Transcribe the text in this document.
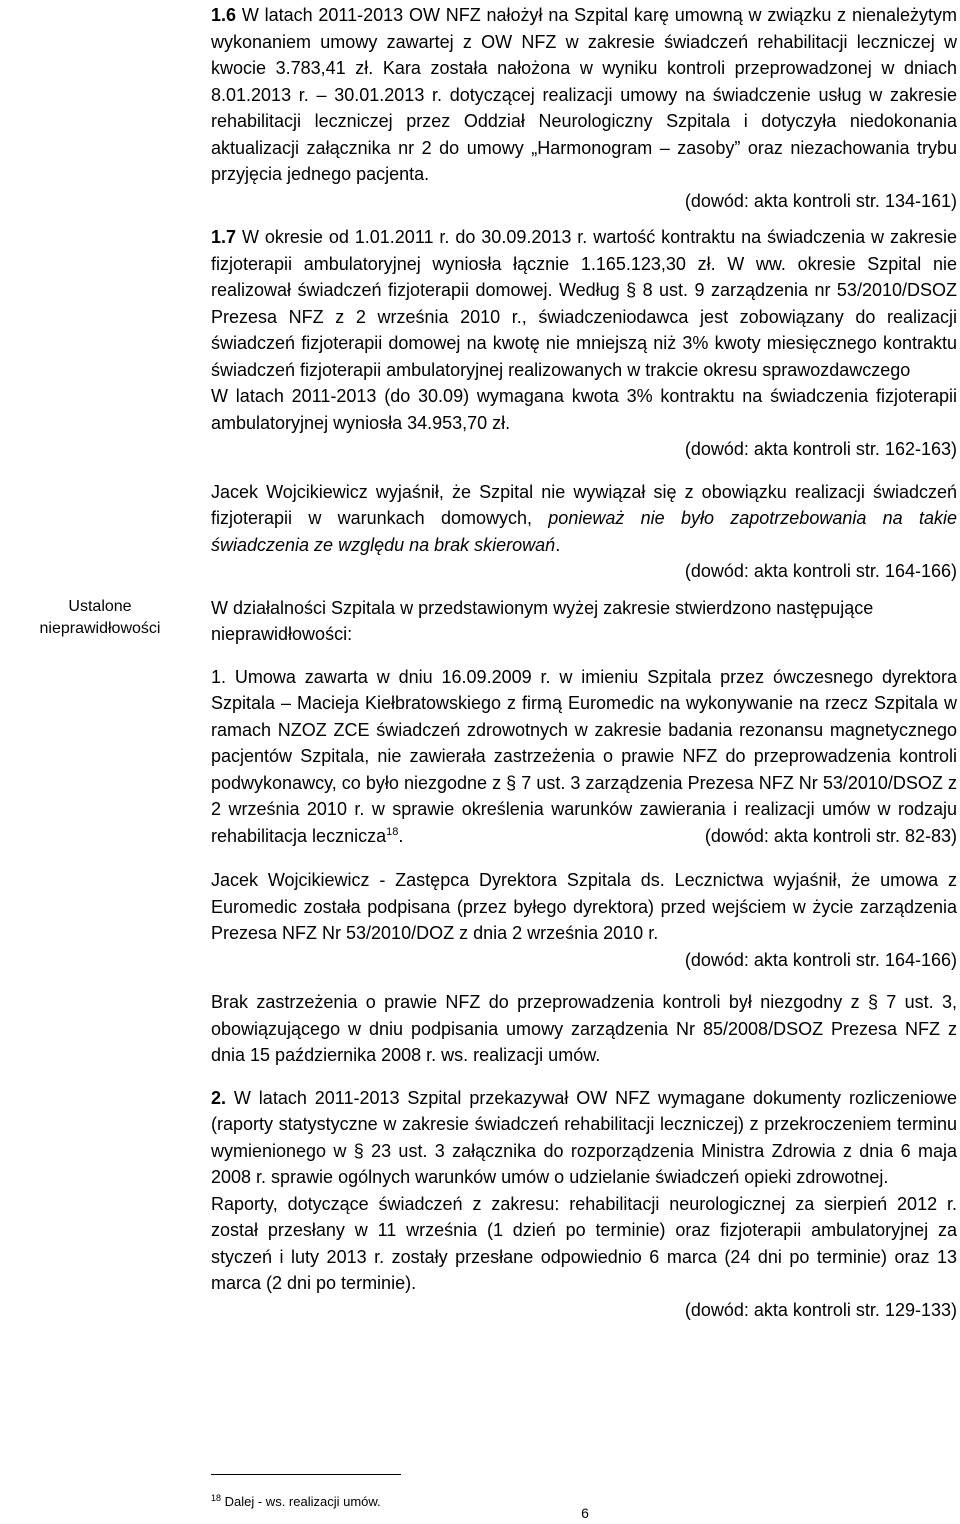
Ustalone
nieprawidłowości

1.6 W latach 2011-2013 OW NFZ nałożył na Szpital karę umowną w związku z nienależytym wykonaniem umowy zawartej z OW NFZ w zakresie świadczeń rehabilitacji leczniczej w kwocie 3.783,41 zł. Kara została nałożona w wyniku kontroli przeprowadzonej w dniach 8.01.2013 r. – 30.01.2013 r. dotyczącej realizacji umowy na świadczenie usług w zakresie rehabilitacji leczniczej przez Oddział Neurologiczny Szpitala i dotyczyła niedokonania aktualizacji załącznika nr 2 do umowy „Harmonogram – zasoby” oraz niezachowania trybu przyjęcia jednego pacjenta.

(dowód: akta kontroli str. 134-161)

1.7 W okresie od 1.01.2011 r. do 30.09.2013 r. wartość kontraktu na świadczenia w zakresie fizjoterapii ambulatoryjnej wyniosła łącznie 1.165.123,30 zł. W ww. okresie Szpital nie realizował świadczeń fizjoterapii domowej. Według § 8 ust. 9 zarządzenia nr 53/2010/DSOZ Prezesa NFZ z 2 września 2010 r., świadczeniodawca jest zobowiązany do realizacji świadczeń fizjoterapii domowej na kwotę nie mniejszą niż 3% kwoty miesięcznego kontraktu świadczeń fizjoterapii ambulatoryjnej realizowanych w trakcie okresu sprawozdawczego

W latach 2011-2013 (do 30.09) wymagana kwota 3% kontraktu na świadczenia fizjoterapii ambulatoryjnej wyniosła 34.953,70 zł.

(dowód: akta kontroli str. 162-163)

Jacek Wojcikiewicz wyjaśnił, że Szpital nie wywiązał się z obowiązku realizacji świadczeń fizjoterapii w warunkach domowych, ponieważ nie było zapotrzebowania na takie świadczenia ze względu na brak skierowań.

(dowód: akta kontroli str. 164-166)

W działalności Szpitala w przedstawionym wyżej zakresie stwierdzono następujące nieprawidłowości:

1. Umowa zawarta w dniu 16.09.2009 r. w imieniu Szpitala przez ówczesnego dyrektora Szpitala – Macieja Kiełbratowskiego z firmą Euromedic na wykonywanie na rzecz Szpitala w ramach NZOZ ZCE świadczeń zdrowotnych w zakresie badania rezonansu magnetycznego pacjentów Szpitala, nie zawierała zastrzeżenia o prawie NFZ do przeprowadzenia kontroli podwykonawcy, co było niezgodne z § 7 ust. 3 zarządzenia Prezesa NFZ Nr 53/2010/DSOZ z 2 września 2010 r. w sprawie określenia warunków zawierania i realizacji umów w rodzaju rehabilitacja lecznicza$^{18}$.	(dowód: akta kontroli str. 82-83)

Jacek Wojcikiewicz - Zastępca Dyrektora Szpitala ds. Lecznictwa wyjaśnił, że umowa z Euromedic została podpisana (przez byłego dyrektora) przed wejściem w życie zarządzenia Prezesa NFZ Nr 53/2010/DOZ z dnia 2 września 2010 r.

(dowód: akta kontroli str. 164-166)

Brak zastrzeżenia o prawie NFZ do przeprowadzenia kontroli był niezgodny z § 7 ust. 3, obowiązującego w dniu podpisania umowy zarządzenia Nr 85/2008/DSOZ Prezesa NFZ z dnia 15 października 2008 r. ws. realizacji umów.

2. W latach 2011-2013 Szpital przekazywał OW NFZ wymagane dokumenty rozliczeniowe (raporty statystyczne w zakresie świadczeń rehabilitacji leczniczej) z przekroczeniem terminu wymienionego w § 23 ust. 3 załącznika do rozporządzenia Ministra Zdrowia z dnia 6 maja 2008 r. sprawie ogólnych warunków umów o udzielanie świadczeń opieki zdrowotnej.

Raporty, dotyczące świadczeń z zakresu: rehabilitacji neurologicznej za sierpień 2012 r. został przesłany w 11 września (1 dzień po terminie) oraz fizjoterapii ambulatoryjnej za styczeń i luty 2013 r. zostały przesłane odpowiednio 6 marca (24 dni po terminie) oraz 13 marca (2 dni po terminie).

(dowód: akta kontroli str. 129-133)

$^{18}$ Dalej - ws. realizacji umów.
6
